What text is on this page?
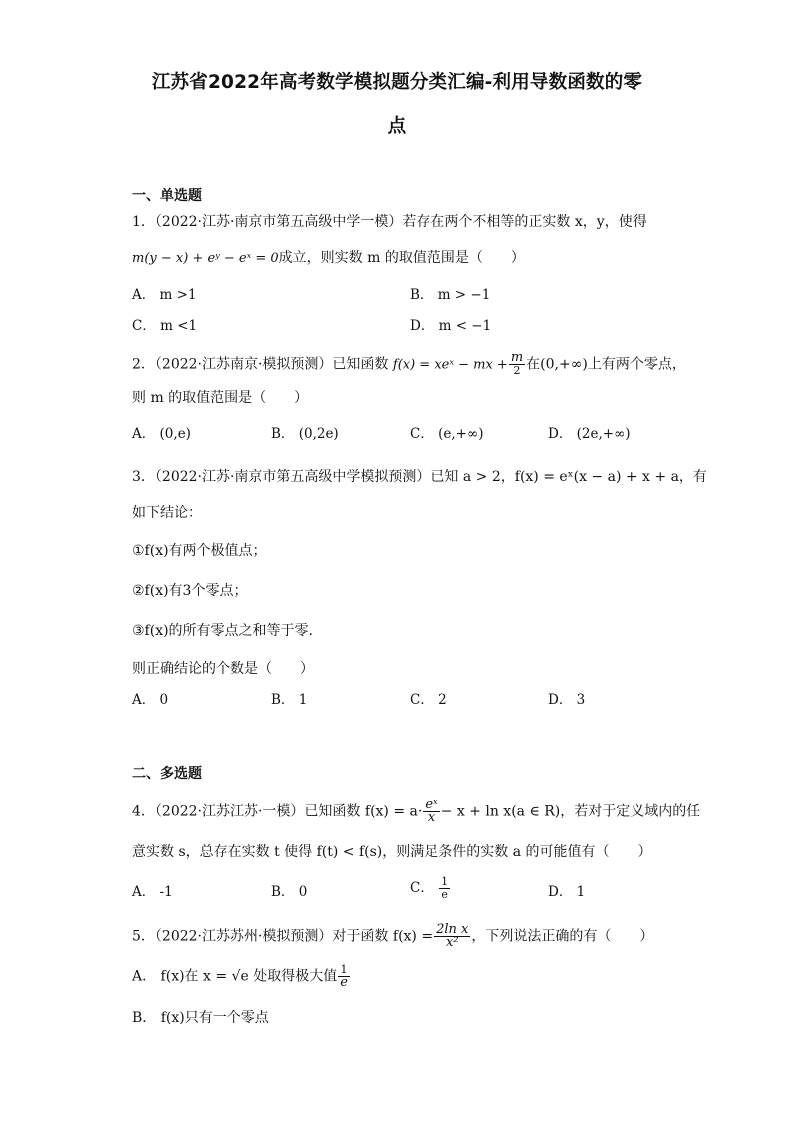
江苏省2022年高考数学模拟题分类汇编-利用导数函数的零
点
一、单选题
1．（2022·江苏·南京市第五高级中学一模）若存在两个不相等的正实数 x，y，使得
m(y − x) + eʸ − eˣ = 0成立，则实数 m 的取值范围是（　　）
A． m >1	B． m > −1
C． m <1	D． m < −1
2．（2022·江苏南京·模拟预测）已知函数 f(x) = xeˣ − mx + $\frac{m}{2}$ 在(0,+∞)上有两个零点，
则 m 的取值范围是（　　）
A． (0,e)	B． (0,2e)	C． (e,+∞)	D． (2e,+∞)
3．（2022·江苏·南京市第五高级中学模拟预测）已知 a > 2，f(x) = eˣ(x − a) + x + a，有
如下结论：
①f(x)有两个极值点；
②f(x)有3个零点；
③f(x)的所有零点之和等于零.
则正确结论的个数是（　　）
A． 0	B． 1	C． 2	D． 3
二、多选题
4．（2022·江苏江苏·一模）已知函数 $f(x) = a\cdot \frac{\text{eˣ}}{x} - x + \ln x(a$ ∈ R)，若对于定义域内的任
意实数 s，总存在实数 t 使得 f(t) < f(s)，则满足条件的实数 a 的可能值有（　　）
A． -1	B． 0	C． $\frac{1}{e}$	D． 1
5．（2022·江苏苏州·模拟预测）对于函数 $f(x) = \frac{\text{2ln x}}{\text{x²}}$ ，下列说法正确的有（　　）
A． f(x)在 x = √e 处取得极大值 $\frac{1}{e}$
B． f(x)只有一个零点
